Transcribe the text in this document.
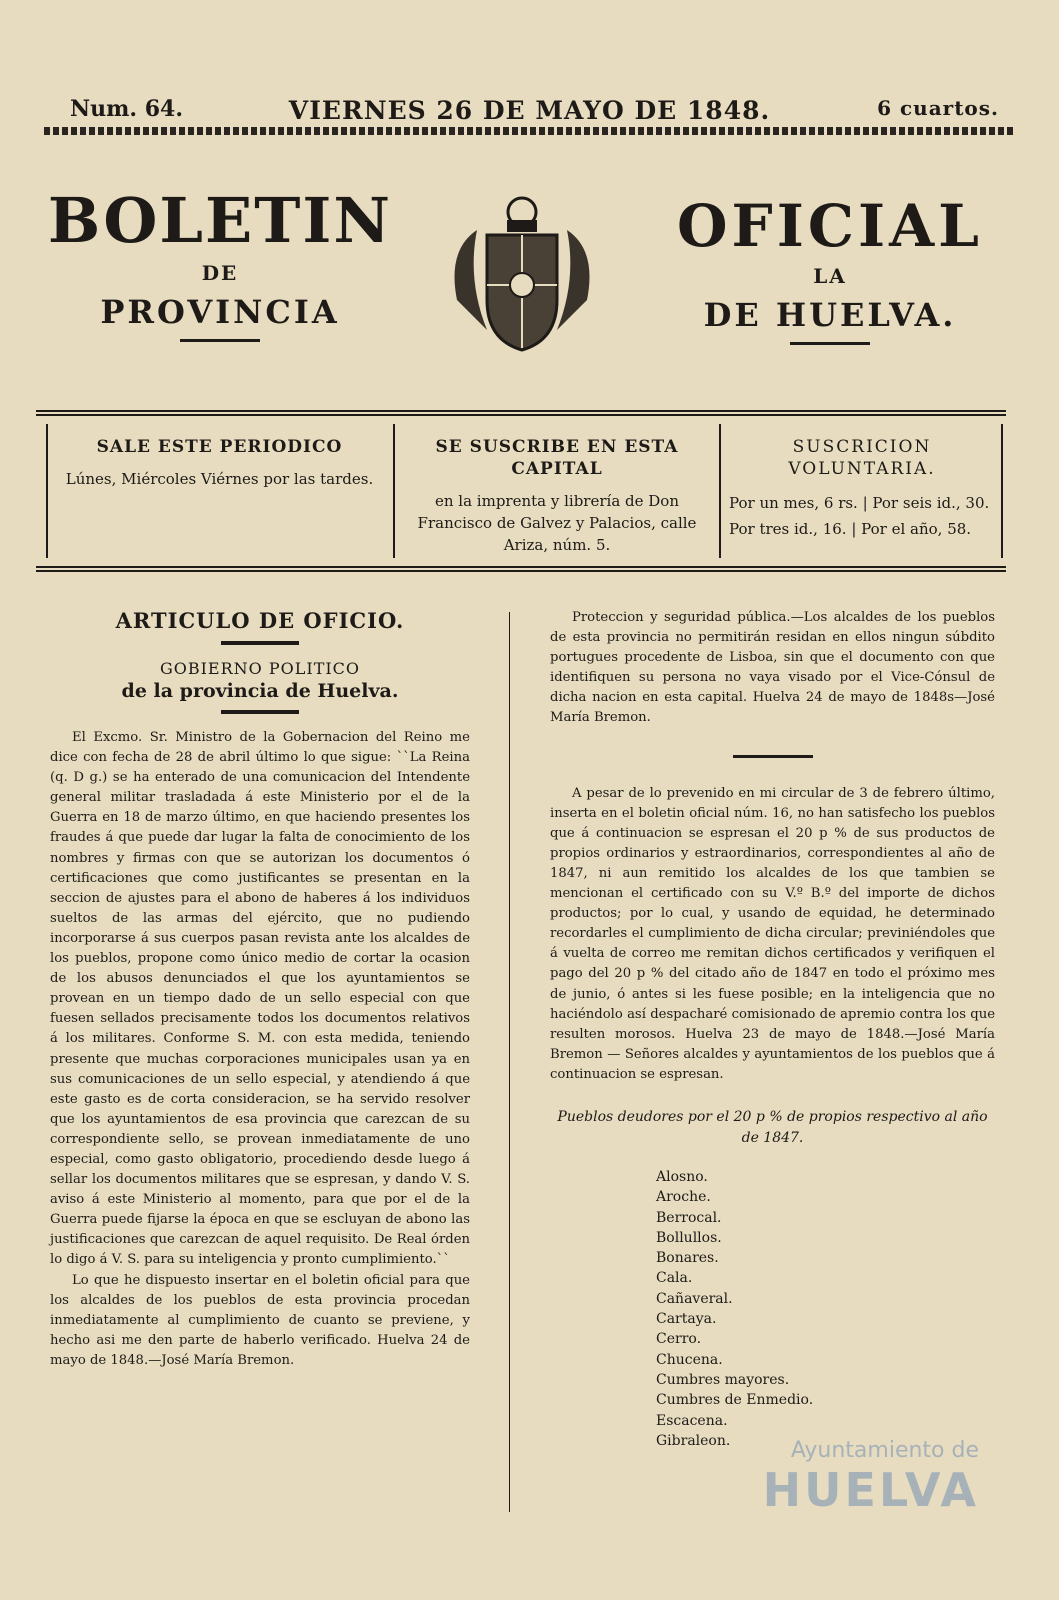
Num. 64.	VIERNES 26 DE MAYO DE 1848.	6 cuartos.
BOLETIN
DE
PROVINCIA
OFICIAL
LA
DE HUELVA.
SALE ESTE PERIODICO
Lúnes, Miércoles Viérnes por las tardes.
SE SUSCRIBE EN ESTA CAPITAL
en la imprenta y librería de Don Francisco de Galvez y Palacios, calle Ariza, núm. 5.
SUSCRICION VOLUNTARIA.
Por un mes, 6 rs. | Por seis id., 30.
Por tres id., 16. | Por el año, 58.
ARTICULO DE OFICIO.
GOBIERNO POLITICO
de la provincia de Huelva.

El Excmo. Sr. Ministro de la Gobernacion del Reino me dice con fecha de 28 de abril último lo que sigue: ``La Reina (q. D g.) se ha enterado de una comunicacion del Intendente general militar trasladada á este Ministerio por el de la Guerra en 18 de marzo último, en que haciendo presentes los fraudes á que puede dar lugar la falta de conocimiento de los nombres y firmas con que se autorizan los documentos ó certificaciones que como justificantes se presentan en la seccion de ajustes para el abono de haberes á los individuos sueltos de las armas del ejército, que no pudiendo incorporarse á sus cuerpos pasan revista ante los alcaldes de los pueblos, propone como único medio de cortar la ocasion de los abusos denunciados el que los ayuntamientos se provean en un tiempo dado de un sello especial con que fuesen sellados precisamente todos los documentos relativos á los militares. Conforme S. M. con esta medida, teniendo presente que muchas corporaciones municipales usan ya en sus comunicaciones de un sello especial, y atendiendo á que este gasto es de corta consideracion, se ha servido resolver que los ayuntamientos de esa provincia que carezcan de su correspondiente sello, se provean inmediatamente de uno especial, como gasto obligatorio, procediendo desde luego á sellar los documentos militares que se espresan, y dando V. S. aviso á este Ministerio al momento, para que por el de la Guerra puede fijarse la época en que se escluyan de abono las justificaciones que carezcan de aquel requisito. De Real órden lo digo á V. S. para su inteligencia y pronto cumplimiento.``

Lo que he dispuesto insertar en el boletin oficial para que los alcaldes de los pueblos de esta provincia procedan inmediatamente al cumplimiento de cuanto se previene, y hecho asi me den parte de haberlo verificado. Huelva 24 de mayo de 1848.—José María Bremon.

Proteccion y seguridad pública.—Los alcaldes de los pueblos de esta provincia no permitirán residan en ellos ningun súbdito portugues procedente de Lisboa, sin que el documento con que identifiquen su persona no vaya visado por el Vice-Cónsul de dicha nacion en esta capital. Huelva 24 de mayo de 1848s—José María Bremon.

A pesar de lo prevenido en mi circular de 3 de febrero último, inserta en el boletin oficial núm. 16, no han satisfecho los pueblos que á continuacion se espresan el 20 p % de sus productos de propios ordinarios y estraordinarios, correspondientes al año de 1847, ni aun remitido los alcaldes de los que tambien se mencionan el certificado con su V.º B.º del importe de dichos productos; por lo cual, y usando de equidad, he determinado recordarles el cumplimiento de dicha circular; previniéndoles que á vuelta de correo me remitan dichos certificados y verifiquen el pago del 20 p % del citado año de 1847 en todo el próximo mes de junio, ó antes si les fuese posible; en la inteligencia que no haciéndolo así despacharé comisionado de apremio contra los que resulten morosos. Huelva 23 de mayo de 1848.—José María Bremon — Señores alcaldes y ayuntamientos de los pueblos que á continuacion se espresan.

Pueblos deudores por el 20 p % de propios respectivo al año de 1847.
Alosno.
Aroche.
Berrocal.
Bollullos.
Bonares.
Cala.
Cañaveral.
Cartaya.
Cerro.
Chucena.
Cumbres mayores.
Cumbres de Enmedio.
Escacena.
Gibraleon.	Ayuntamiento de
HUELVA
